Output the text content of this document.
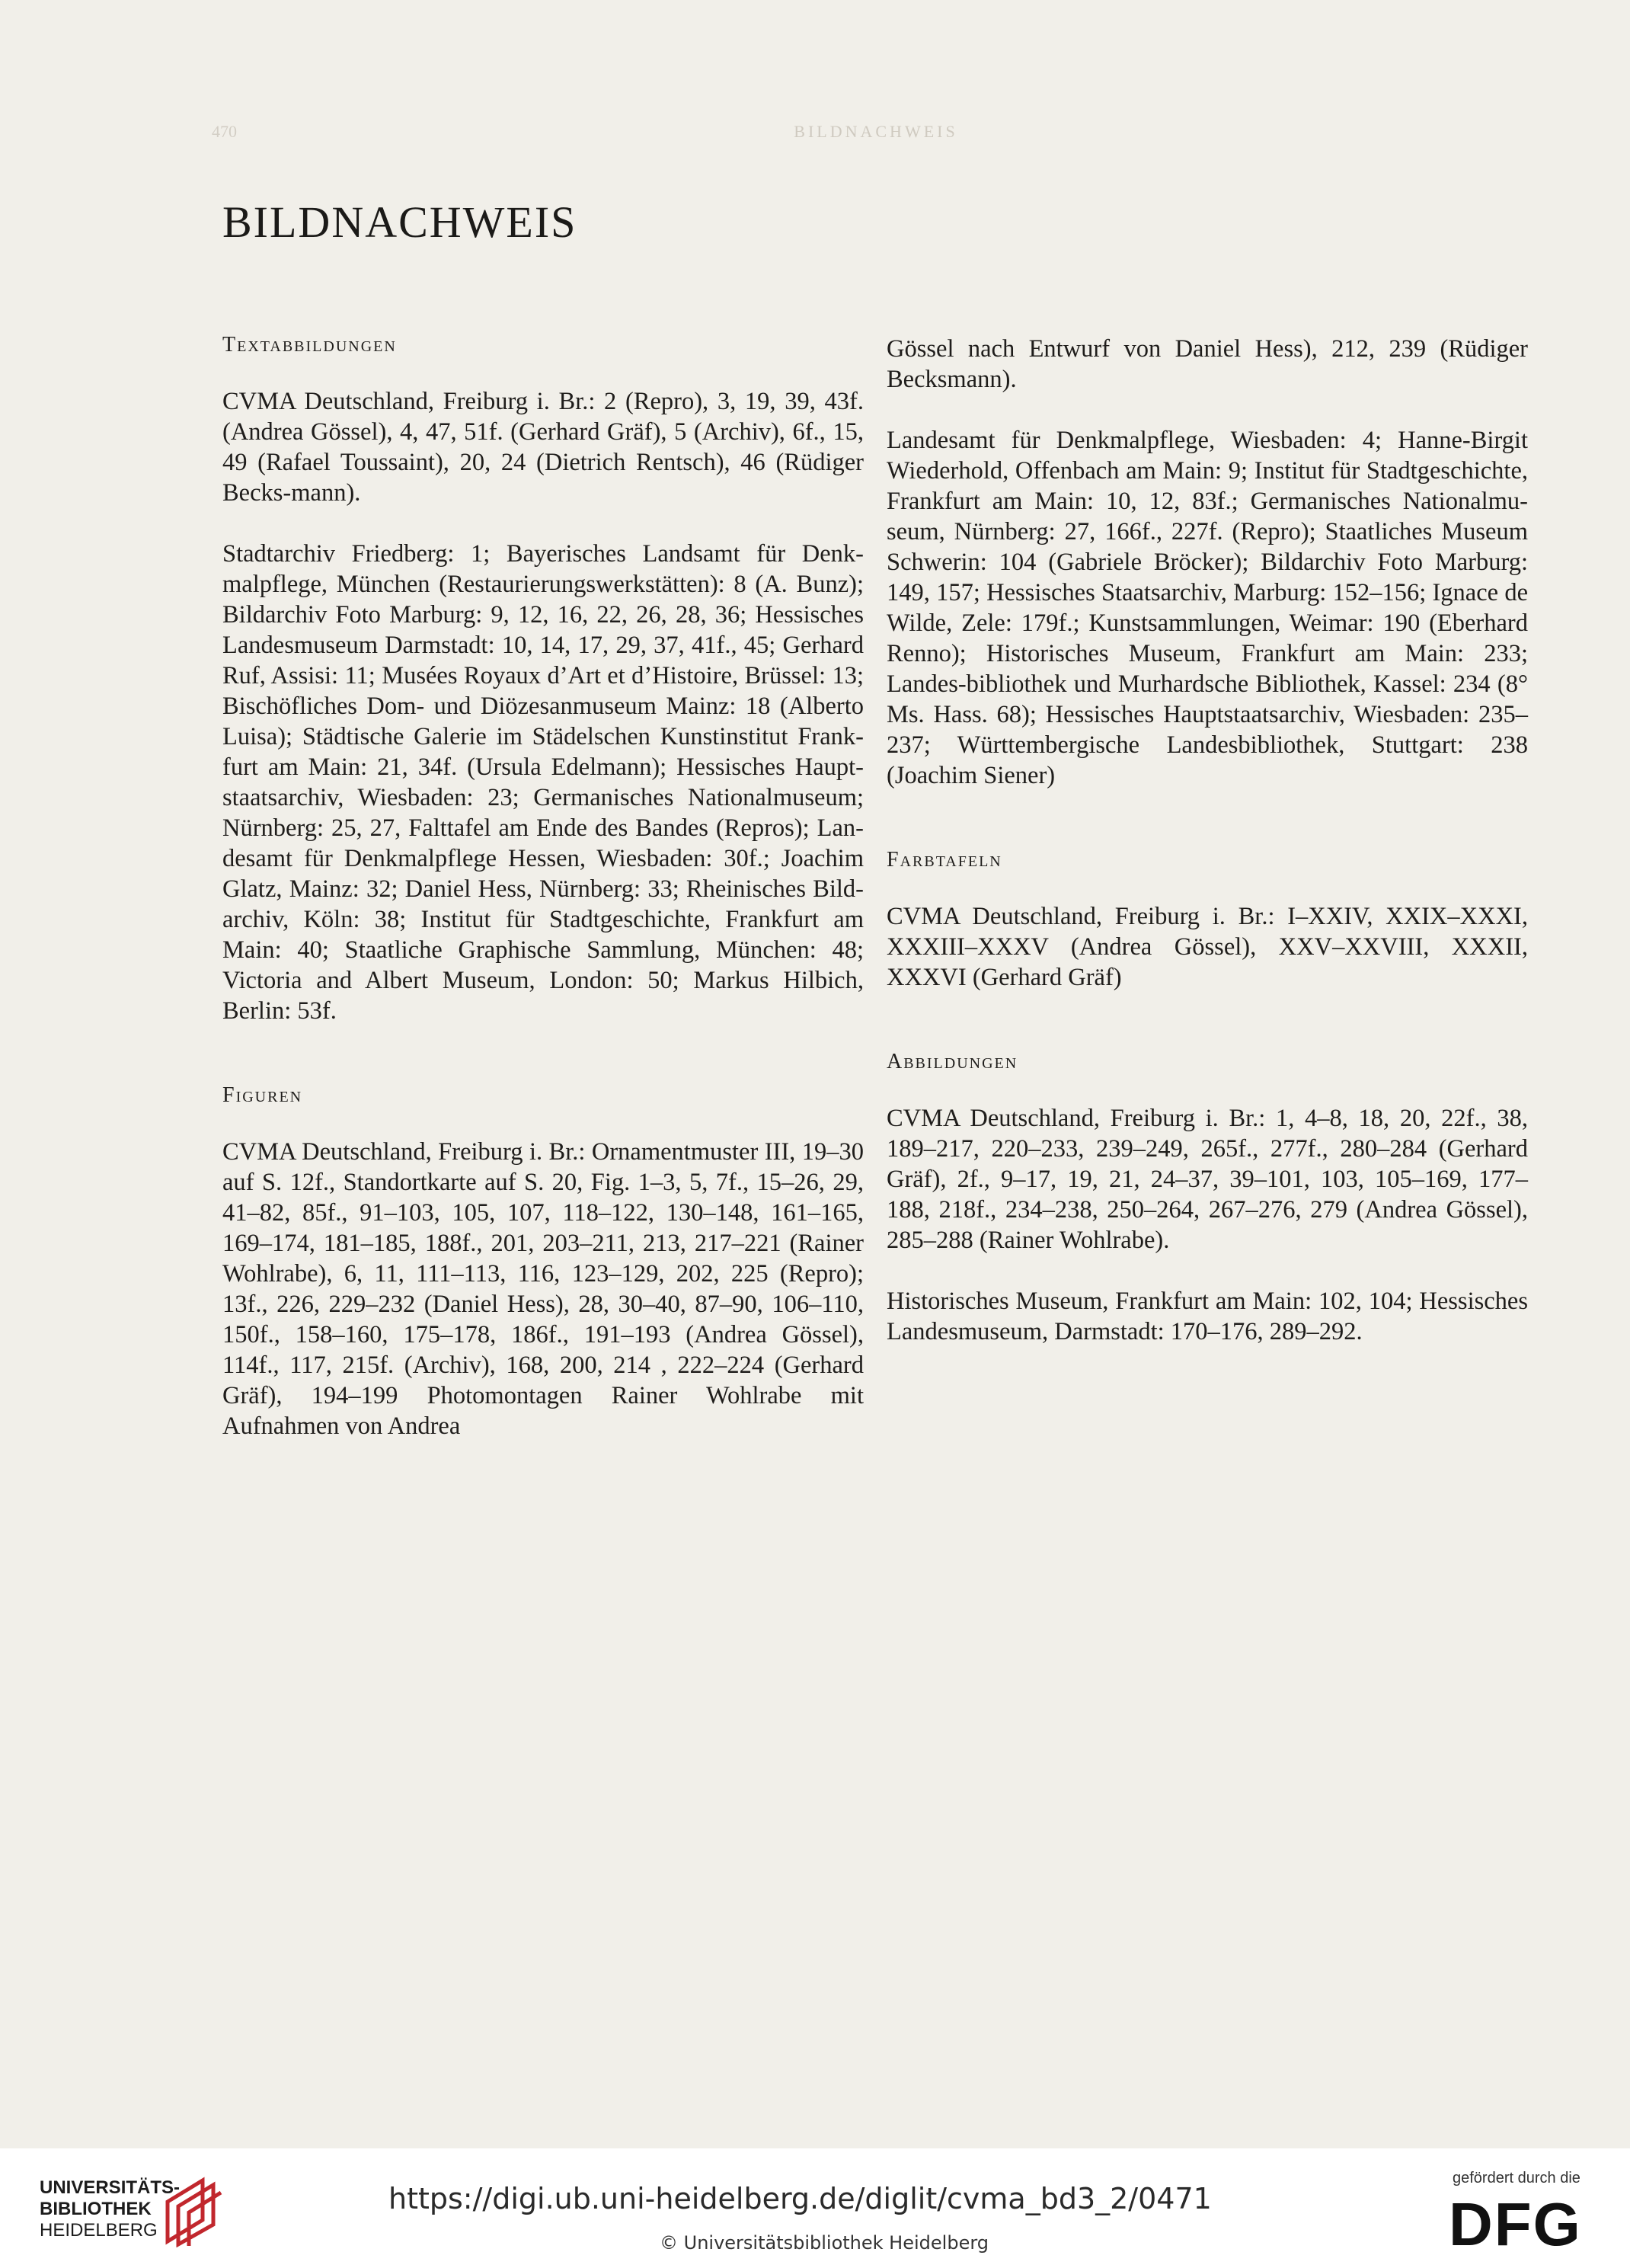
470	BILDNACHWEIS
BILDNACHWEIS
Textabbildungen

CVMA Deutschland, Freiburg i. Br.: 2 (Repro), 3, 19, 39, 43f. (Andrea Gössel), 4, 47, 51f. (Gerhard Gräf), 5 (Archiv), 6f., 15, 49 (Rafael Toussaint), 20, 24 (Dietrich Rentsch), 46 (Rüdiger Becks-mann).

Stadtarchiv Friedberg: 1; Bayerisches Landsamt für Denk-malpflege, München (Restaurierungswerkstätten): 8 (A. Bunz); Bildarchiv Foto Marburg: 9, 12, 16, 22, 26, 28, 36; Hessisches Landesmuseum Darmstadt: 10, 14, 17, 29, 37, 41f., 45; Gerhard Ruf, Assisi: 11; Musées Royaux d’Art et d’Histoire, Brüssel: 13; Bischöfliches Dom- und Diözesanmuseum Mainz: 18 (Alberto Luisa); Städtische Galerie im Städelschen Kunstinstitut Frank-furt am Main: 21, 34f. (Ursula Edelmann); Hessisches Haupt-staatsarchiv, Wiesbaden: 23; Germanisches Nationalmuseum; Nürnberg: 25, 27, Falttafel am Ende des Bandes (Repros); Lan-desamt für Denkmalpflege Hessen, Wiesbaden: 30f.; Joachim Glatz, Mainz: 32; Daniel Hess, Nürnberg: 33; Rheinisches Bild-archiv, Köln: 38; Institut für Stadtgeschichte, Frankfurt am Main: 40; Staatliche Graphische Sammlung, München: 48; Victoria and Albert Museum, London: 50; Markus Hilbich, Berlin: 53f.

Figuren

CVMA Deutschland, Freiburg i. Br.: Ornamentmuster III, 19–30 auf S. 12f., Standortkarte auf S. 20, Fig. 1–3, 5, 7f., 15–26, 29, 41–82, 85f., 91–103, 105, 107, 118–122, 130–148, 161–165, 169–174, 181–185, 188f., 201, 203–211, 213, 217–221 (Rainer Wohlrabe), 6, 11, 111–113, 116, 123–129, 202, 225 (Repro); 13f., 226, 229–232 (Daniel Hess), 28, 30–40, 87–90, 106–110, 150f., 158–160, 175–178, 186f., 191–193 (Andrea Gössel), 114f., 117, 215f. (Archiv), 168, 200, 214 , 222–224 (Gerhard Gräf), 194–199 Photomontagen Rainer Wohlrabe mit Aufnahmen von Andrea

Gössel nach Entwurf von Daniel Hess), 212, 239 (Rüdiger Becksmann).

Landesamt für Denkmalpflege, Wiesbaden: 4; Hanne-Birgit Wiederhold, Offenbach am Main: 9; Institut für Stadtgeschichte, Frankfurt am Main: 10, 12, 83f.; Germanisches Nationalmu-seum, Nürnberg: 27, 166f., 227f. (Repro); Staatliches Museum Schwerin: 104 (Gabriele Bröcker); Bildarchiv Foto Marburg: 149, 157; Hessisches Staatsarchiv, Marburg: 152–156; Ignace de Wilde, Zele: 179f.; Kunstsammlungen, Weimar: 190 (Eberhard Renno); Historisches Museum, Frankfurt am Main: 233; Landes-bibliothek und Murhardsche Bibliothek, Kassel: 234 (8° Ms. Hass. 68); Hessisches Hauptstaatsarchiv, Wiesbaden: 235–237; Württembergische Landesbibliothek, Stuttgart: 238 (Joachim Siener)

Farbtafeln

CVMA Deutschland, Freiburg i. Br.: I–XXIV, XXIX–XXXI, XXXIII–XXXV (Andrea Gössel), XXV–XXVIII, XXXII, XXXVI (Gerhard Gräf)

Abbildungen

CVMA Deutschland, Freiburg i. Br.: 1, 4–8, 18, 20, 22f., 38, 189–217, 220–233, 239–249, 265f., 277f., 280–284 (Gerhard Gräf), 2f., 9–17, 19, 21, 24–37, 39–101, 103, 105–169, 177–188, 218f., 234–238, 250–264, 267–276, 279 (Andrea Gössel), 285–288 (Rainer Wohlrabe).

Historisches Museum, Frankfurt am Main: 102, 104; Hessisches Landesmuseum, Darmstadt: 170–176, 289–292.

UNIVERSITÄTS-
BIBLIOTHEK
HEIDELBERG
https://digi.ub.uni-heidelberg.de/diglit/cvma_bd3_2/0471
© Universitätsbibliothek Heidelberg
gefördert durch die
DFG
